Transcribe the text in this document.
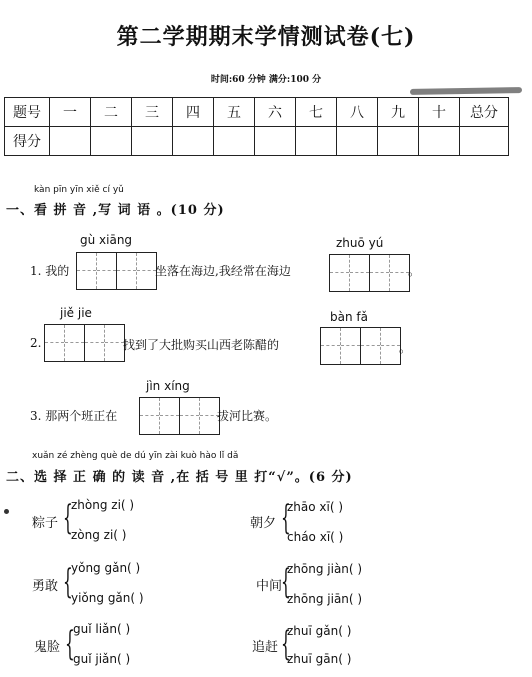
第二学期期末学情测试卷(七)
时间:60 分钟 满分:100 分
题号	一	二	三	四	五	六	七	八	九	十	总分
得分											
kàn pīn yīn xiě cí yǔ
一、看 拼 音 ,写 词 语 。(10 分)
gù xiāng	zhuō yú
1. 我的	坐落在海边,我经常在海边	。
jiě jie	bàn fǎ
2.	找到了大批购买山西老陈醋的	。
jìn xíng
3. 那两个班正在	拔河比赛。
xuǎn zé zhèng què de dú yīn zài kuò hào lǐ dǎ
二、选 择 正 确 的 读 音 ,在 括 号 里 打“√”。(6 分)
粽子 {
zhòng zi( )
zòng zi( )
朝夕 {
zhāo xī( )
cháo xī( )
勇敢 {
yǒng gǎn( )
yiǒng gǎn( )
中间
{
zhōng jiàn( )
zhōng jiān( )
鬼脸 {
guǐ liǎn( )
guǐ jiǎn( )
追赶 {
zhuī gǎn( )
zhuī gān( )
